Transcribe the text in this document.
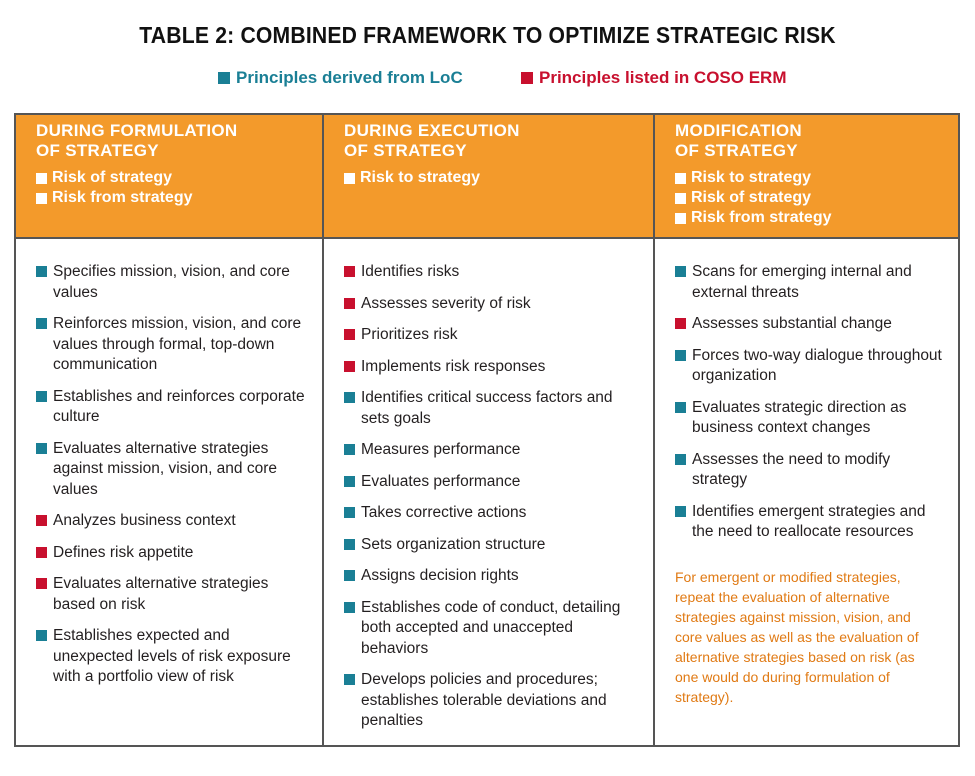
TABLE 2: COMBINED FRAMEWORK TO OPTIMIZE STRATEGIC RISK
Principles derived from LoC	Principles listed in COSO ERM
DURING FORMULATION
OF STRATEGY
Risk of strategy
Risk from strategy
Specifies mission, vision, and core values
Reinforces mission, vision, and core values through formal, top-down communication
Establishes and reinforces corporate culture
Evaluates alternative strategies against mission, vision, and core values
Analyzes business context
Defines risk appetite
Evaluates alternative strategies based on risk
Establishes expected and unexpected levels of risk exposure with a portfolio view of risk
DURING EXECUTION
OF STRATEGY
Risk to strategy
Identifies risks
Assesses severity of risk
Prioritizes risk
Implements risk responses
Identifies critical success factors and sets goals
Measures performance
Evaluates performance
Takes corrective actions
Sets organization structure
Assigns decision rights
Establishes code of conduct, detailing both accepted and unaccepted behaviors
Develops policies and procedures; establishes tolerable deviations and penalties
MODIFICATION
OF STRATEGY
Risk to strategy
Risk of strategy
Risk from strategy
Scans for emerging internal and external threats
Assesses substantial change
Forces two-way dialogue throughout organization
Evaluates strategic direction as business context changes
Assesses the need to modify strategy
Identifies emergent strategies and the need to reallocate resources
For emergent or modified strategies, repeat the evaluation of alternative strategies against mission, vision, and core values as well as the evaluation of alternative strategies based on risk (as one would do during formulation of strategy).
